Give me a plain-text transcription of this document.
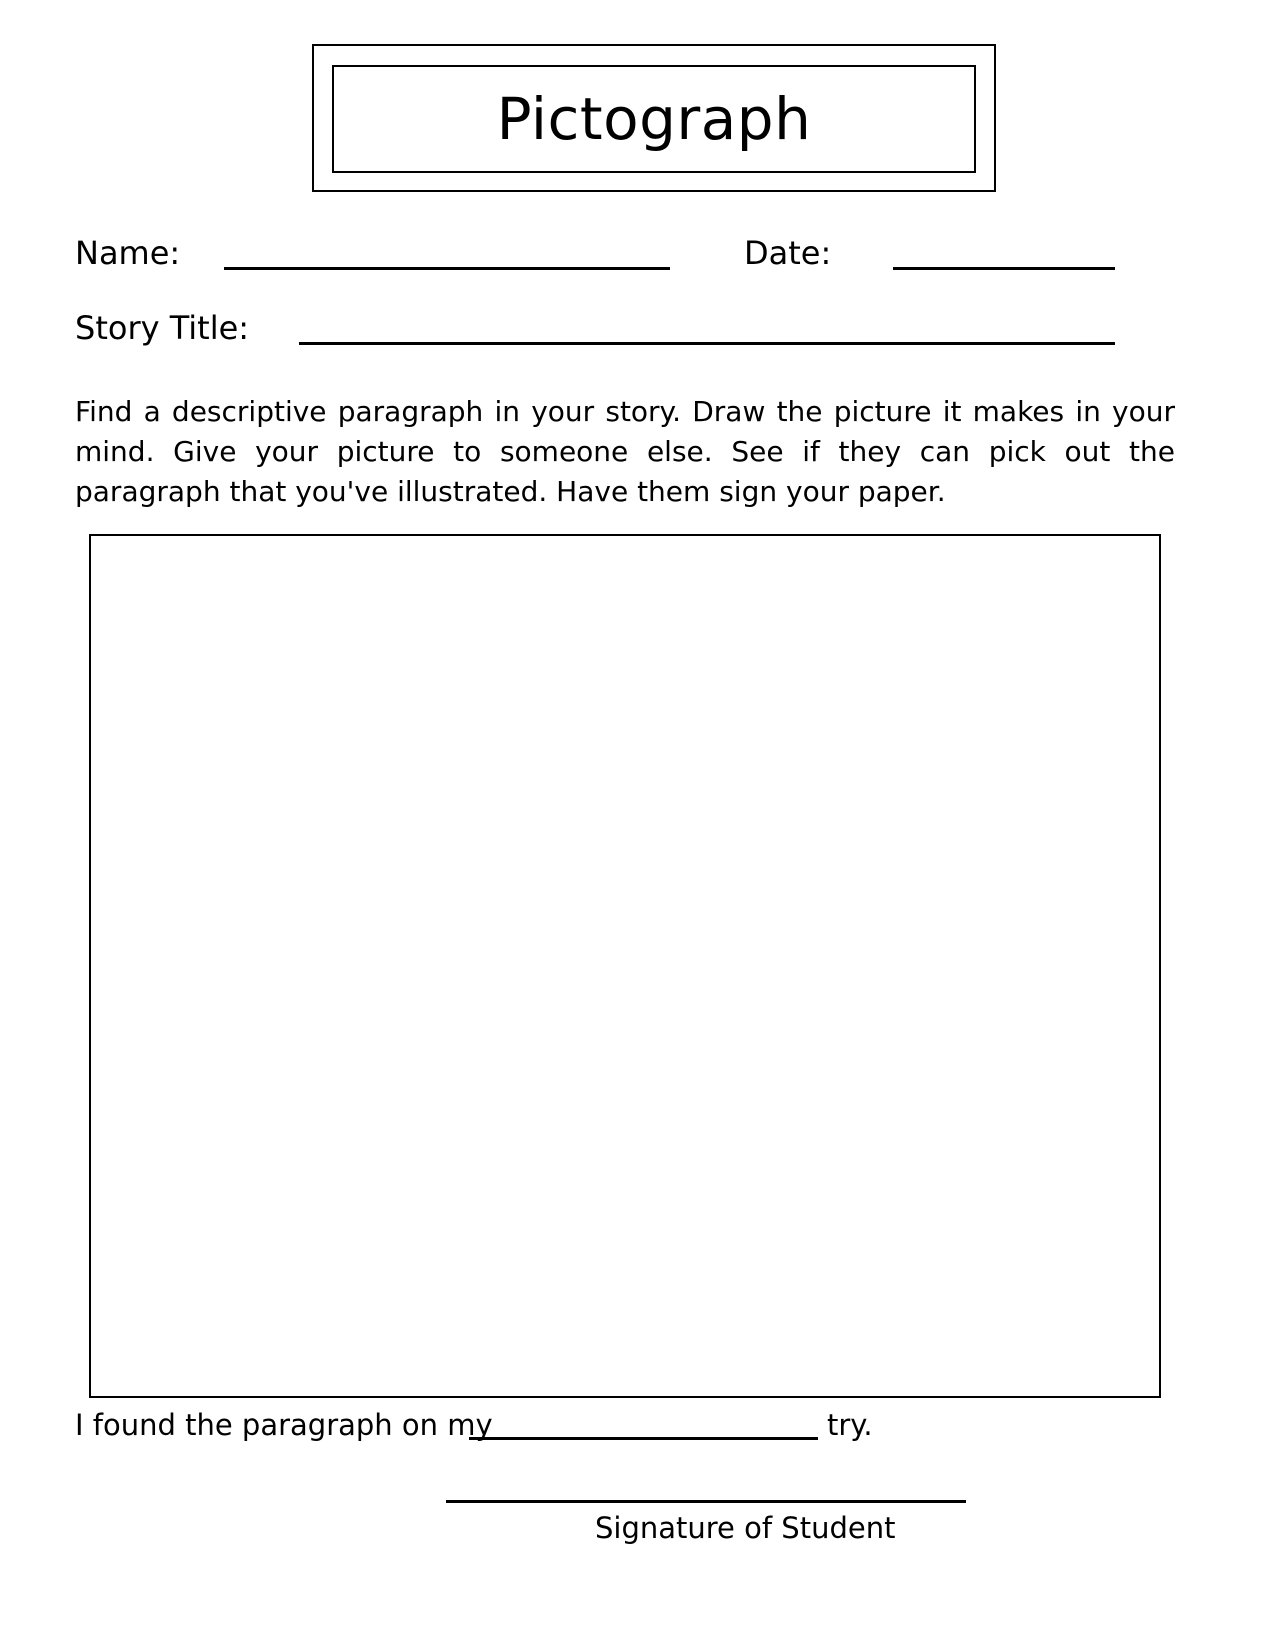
Pictograph
Name:	Date:
Story Title:

Find a descriptive paragraph in your story. Draw the picture it makes in your mind. Give your picture to someone else. See if they can pick out the paragraph that you've illustrated. Have them sign your paper.

I found the paragraph on my	try.
Signature of Student
